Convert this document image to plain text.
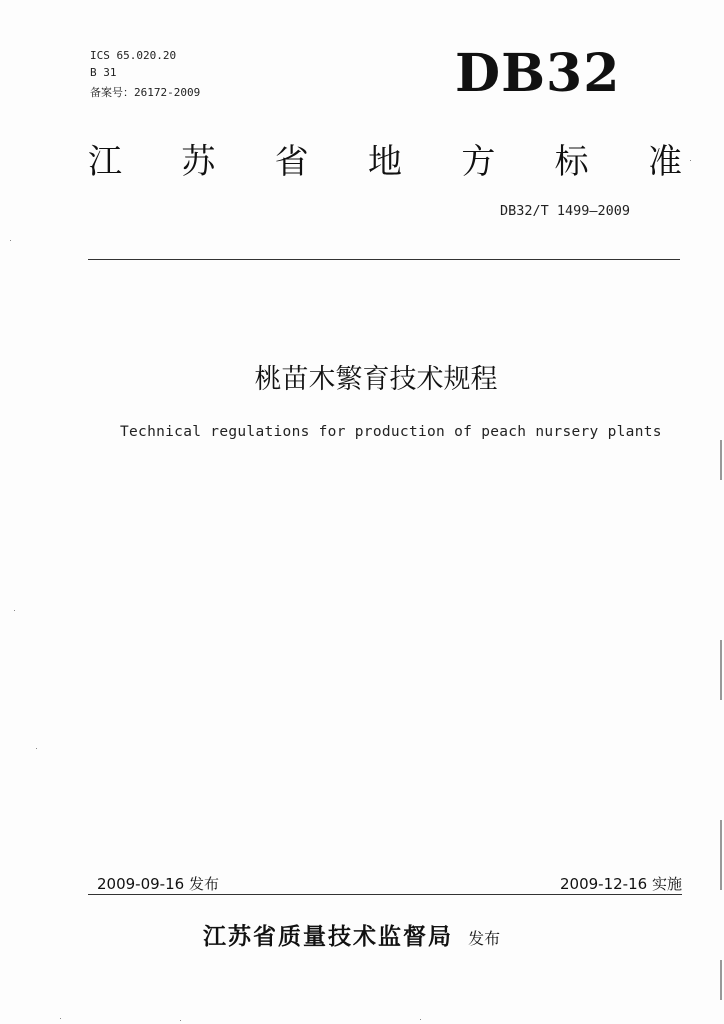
ICS 65.020.20
B 31
备案号：26172-2009	DB32
江 苏 省 地 方 标 准
DB32/T 1499—2009
桃苗木繁育技术规程
Technical regulations for production of peach nursery plants
2009-09-16 发布	2009-12-16 实施
江苏省质量技术监督局 发布
